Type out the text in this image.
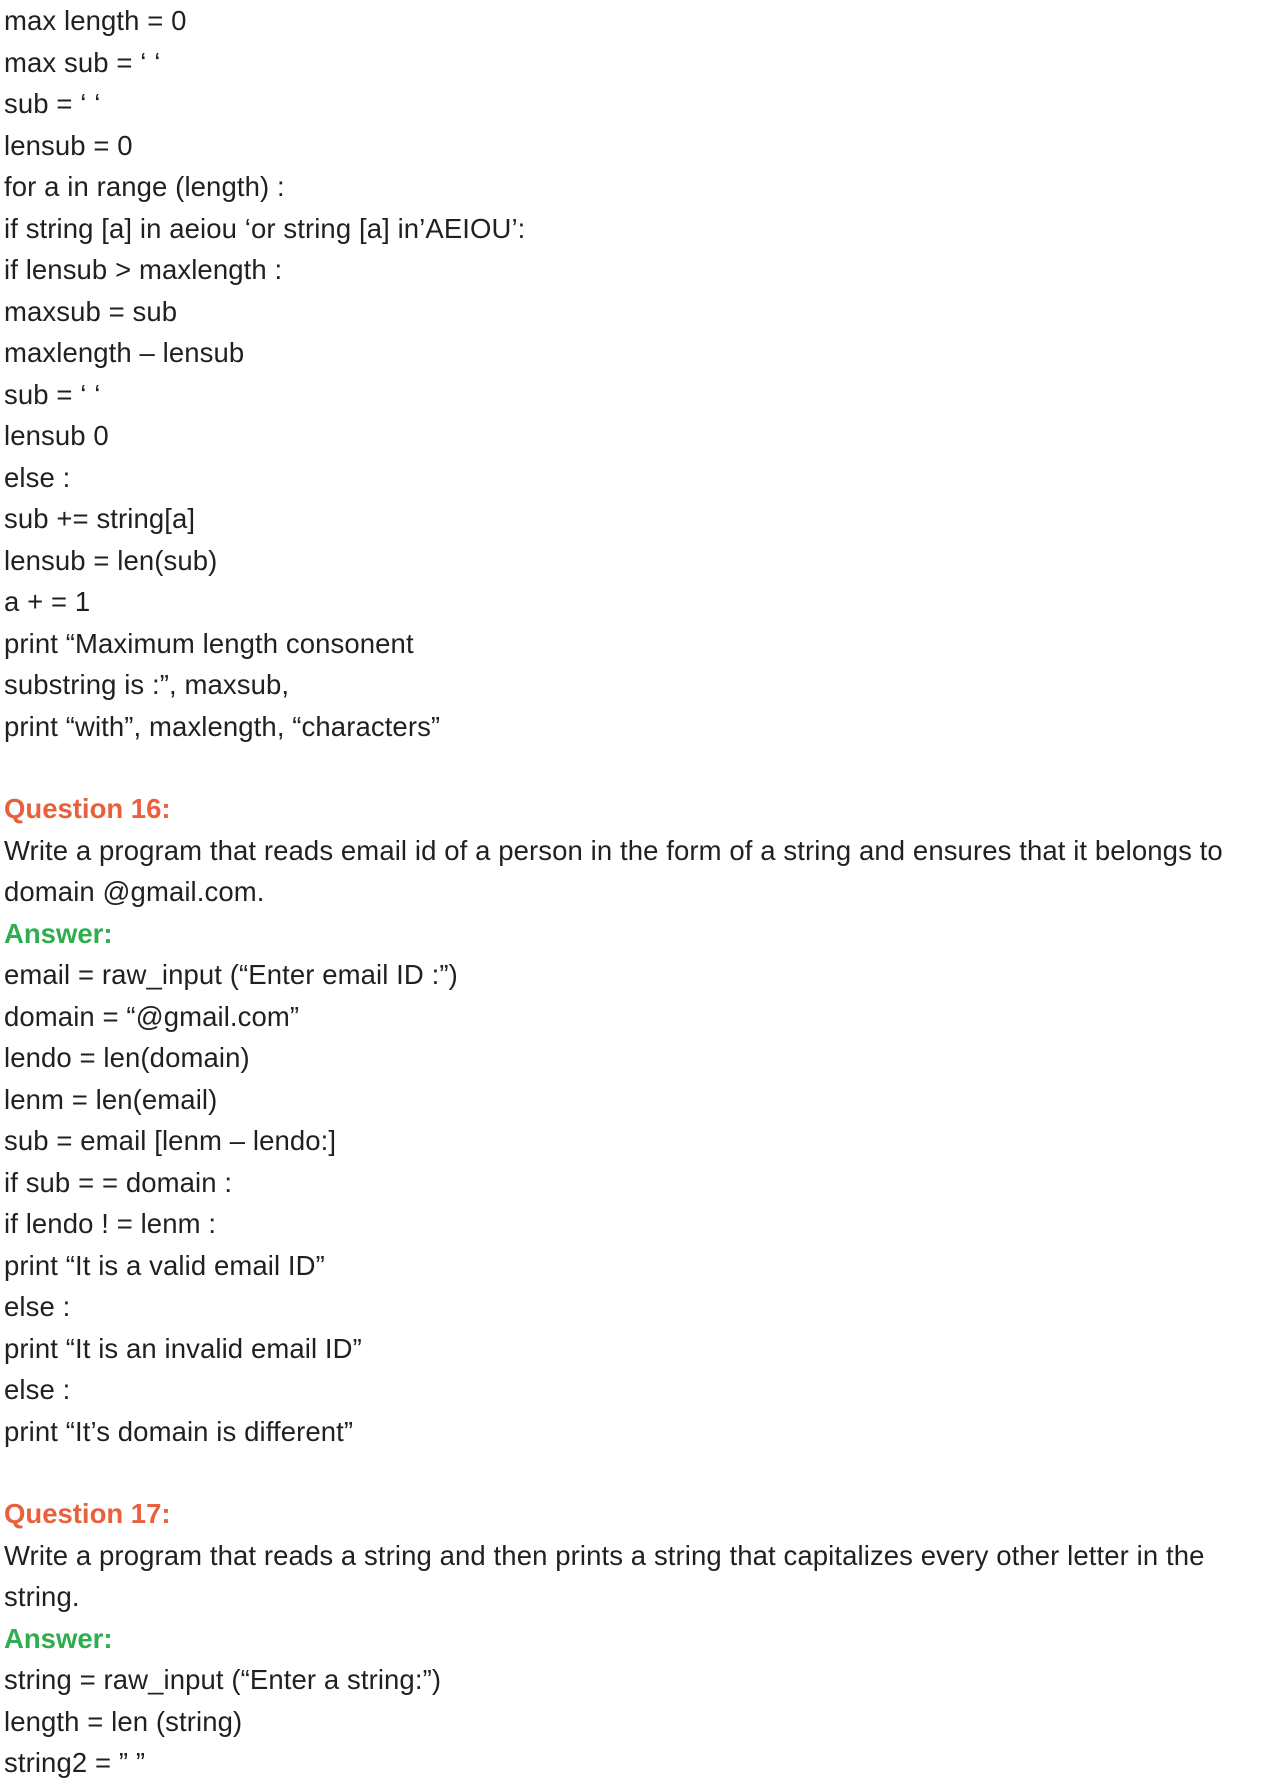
max length = 0
max sub = ‘ ‘
sub = ‘ ‘
lensub = 0
for a in range (length) :
if string [a] in aeiou ‘or string [a] in’AEIOU’:
if lensub > maxlength :
maxsub = sub
maxlength – lensub
sub = ‘ ‘
lensub 0
else :
sub += string[a]
lensub = len(sub)
a + = 1
print “Maximum length consonent
substring is :”, maxsub,
print “with”, maxlength, “characters”
Question 16:
Write a program that reads email id of a person in the form of a string and ensures that it belongs to domain @gmail.com.
Answer:
email = raw_input (“Enter email ID :”)
domain = “@gmail.com”
lendo = len(domain)
lenm = len(email)
sub = email [lenm – lendo:]
if sub = = domain :
if lendo ! = lenm :
print “It is a valid email ID”
else :
print “It is an invalid email ID”
else :
print “It’s domain is different”
Question 17:
Write a program that reads a string and then prints a string that capitalizes every other letter in the string.
Answer:
string = raw_input (“Enter a string:”)
length = len (string)
string2 = ” ”
